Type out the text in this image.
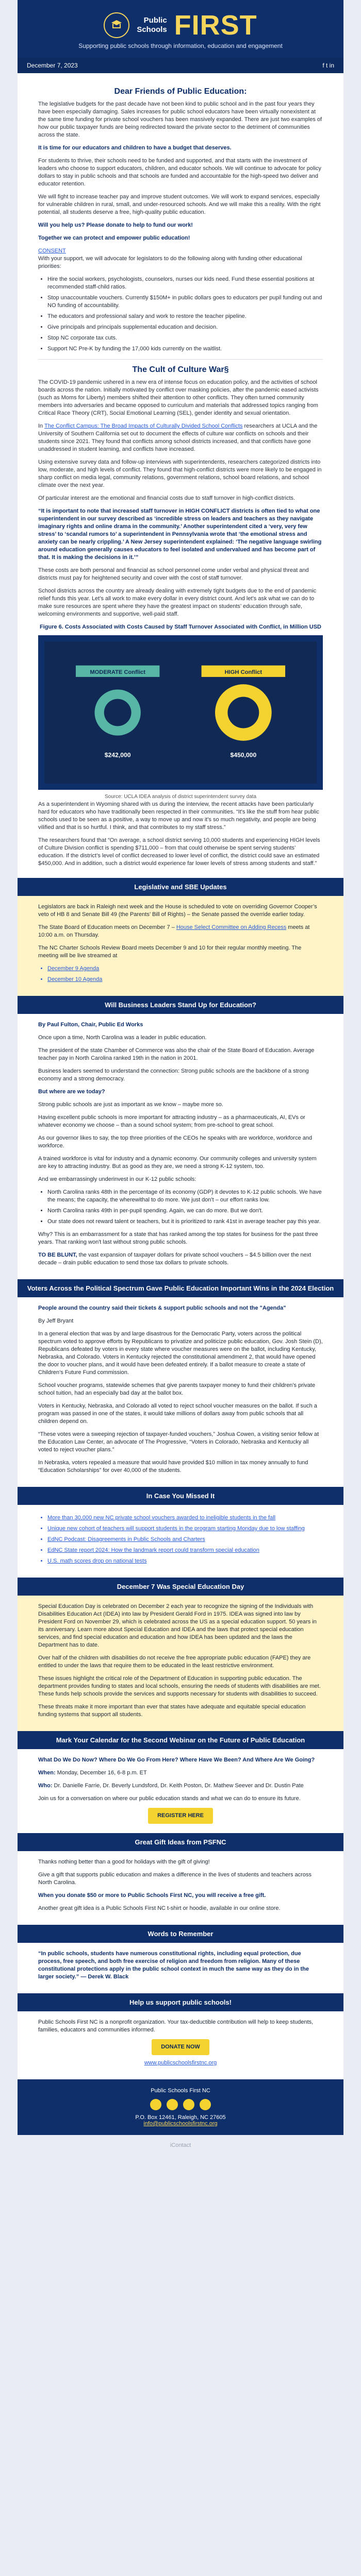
Public
Schools FIRST
Supporting public schools through information, education and engagement
December 7, 2023	f t in
Dear Friends of Public Education:

The legislative budgets for the past decade have not been kind to public school and in the past four years they have been especially damaging. Sales increases for public school educators have been virtually nonexistent at the same time funding for private school vouchers has been massively expanded. There are just two examples of how our public taxpayer funds are being redirected toward the private sector to the detriment of communities across the state.

It is time for our educators and children to have a budget that deserves.

For students to thrive, their schools need to be funded and supported, and that starts with the investment of leaders who choose to support educators, children, and educator schools. We will continue to advocate for policy dollars to stay in public schools and that schools are funded and accountable for the high-speed two deliver and educator retention.

We will fight to increase teacher pay and improve student outcomes. We will work to expand services, especially for vulnerable children in rural, small, and under-resourced schools. And we will make this a reality. With the right potential, all students deserve a free, high-quality public education.

Will you help us? Please donate to help to fund our work!

Together we can protect and empower public education!

CONSENT
With your support, we will advocate for legislators to do the following along with funding other educational priorities:

• Hire the social workers, psychologists, counselors, nurses our kids need. Fund these essential positions at recommended staff-child ratios.
• Stop unaccountable vouchers. Currently $150M+ in public dollars goes to educators per pupil funding out and NO funding of accountability.
• The educators and professional salary and work to restore the teacher pipeline.
• Give principals and principals supplemental education and decision.
• Stop NC corporate tax cuts.
• Support NC Pre-K by funding the 17,000 kids currently on the waitlist.
The Cult of Culture War§

The COVID-19 pandemic ushered in a new era of intense focus on education policy, and the activities of school boards across the nation. Initially motivated by conflict over masking policies, after the pandemic eased activists (such as Moms for Liberty) members shifted their attention to other conflicts. They often turned community members into adversaries and became opposed to curriculum and materials that addressed topics ranging from Critical Race Theory (CRT), Social Emotional Learning (SEL), gender identity and sexual orientation.

In The Conflict Campus: The Broad Impacts of Culturally Divided School Conflicts researchers at UCLA and the University of Southern California set out to document the effects of culture war conflicts on schools and their students since 2021. They found that conflicts among school districts increased, and that conflicts have gone unaddressed in student learning, and conflicts have increased.

Using extensive survey data and follow-up interviews with superintendents, researchers categorized districts into low, moderate, and high levels of conflict. They found that high-conflict districts were more likely to be engaged in sharp conflict on media legal, community relations, government relations, school board relations, and school climate over the next year.

Of particular interest are the emotional and financial costs due to staff turnover in high-conflict districts.

“It is important to note that increased staff turnover in HIGH CONFLICT districts is often tied to what one superintendent in our survey described as ‘incredible stress on leaders and teachers as they navigate imaginary rights and online drama in the community.’ Another superintendent cited a ‘very, very few stress’ to ‘scandal rumors to’ a superintendent in Pennsylvania wrote that ‘the emotional stress and anxiety can be nearly crippling.’ A New Jersey superintendent explained: ‘The negative language swirling around education generally causes educators to feel isolated and undervalued and has become part of that. It is making the decisions in it.’”

These costs are both personal and financial as school personnel come under verbal and physical threat and districts must pay for heightened security and cover with the cost of staff turnover.

School districts across the country are already dealing with extremely tight budgets due to the end of pandemic relief funds this year. Let’s all work to make every dollar in every district count. And let’s ask what we can do to make sure resources are spent where they have the greatest impact on students’ education through safe, welcoming environments and supportive, well-paid staff.

Figure 6. Costs Associated with Costs Caused by Staff Turnover Associated with Conflict, in Million USD
MODERATE Conflict
$242,000
HIGH Conflict
$450,000
Source: UCLA IDEA analysis of district superintendent survey data

As a superintendent in Wyoming shared with us during the interview, the recent attacks have been particularly hard for educators who have traditionally been respected in their communities. “It's like the stuff from hear public schools used to be seen as a positive, a way to move up and now it's so much negativity, and people are being vilified and that is so hurtful. I think, and that contributes to my staff stress.”

The researchers found that “On average, a school district serving 10,000 students and experiencing HIGH levels of Culture Division conflict is spending $711,000 – from that could otherwise be spent serving students’ education. If the district’s level of conflict decreased to lower level of conflict, the district could save an estimated $450,000. And in addition, such a district would experience far lower levels of stress among students and staff.”

Legislative and SBE Updates

Legislators are back in Raleigh next week and the House is scheduled to vote on overriding Governor Cooper’s veto of HB 8 and Senate Bill 49 (the Parents’ Bill of Rights) – the Senate passed the override earlier today.

The State Board of Education meets on December 7 – House Select Committee on Adding Recess meets at 10:00 a.m. on Thursday.

The NC Charter Schools Review Board meets December 9 and 10 for their regular monthly meeting. The meeting will be live streamed at

• December 9 Agenda
• December 10 Agenda
Will Business Leaders Stand Up for Education?

By Paul Fulton, Chair, Public Ed Works

Once upon a time, North Carolina was a leader in public education.

The president of the state Chamber of Commerce was also the chair of the State Board of Education. Average teacher pay in North Carolina ranked 19th in the nation in 2001.

Business leaders seemed to understand the connection: Strong public schools are the backbone of a strong economy and a strong democracy.

But where are we today?

Strong public schools are just as important as we know – maybe more so.

Having excellent public schools is more important for attracting industry – as a pharmaceuticals, AI, EVs or whatever economy we choose – than a sound school system; from pre-school to great school.

As our governor likes to say, the top three priorities of the CEOs he speaks with are workforce, workforce and workforce.

A trained workforce is vital for industry and a dynamic economy. Our community colleges and university system are key to attracting industry. But as good as they are, we need a strong K-12 system, too.

And we embarrassingly underinvest in our K-12 public schools:

• North Carolina ranks 48th in the percentage of its economy (GDP) it devotes to K-12 public schools. We have the means; the capacity, the wherewithal to do more. We just don't – our effort ranks low.
• North Carolina ranks 49th in per-pupil spending. Again, we can do more. But we don't.
• Our state does not reward talent or teachers, but it is prioritized to rank 41st in average teacher pay this year.

Why? This is an embarrassment for a state that has ranked among the top states for business for the past three years. That ranking won't last without strong public schools.

TO BE BLUNT, the vast expansion of taxpayer dollars for private school vouchers – $4.5 billion over the next decade – drain public education to send those tax dollars to private schools.

Voters Across the Political Spectrum Gave Public Education Important Wins in the 2024 Election

People around the country said their tickets & support public schools and not the "Agenda"

By Jeff Bryant

In a general election that was by and large disastrous for the Democratic Party, voters across the political spectrum voted to approve efforts by Republicans to privatize and politicize public education, Gov. Josh Stein (D), Republicans defeated by voters in every state where voucher measures were on the ballot, including Kentucky, Nebraska, and Colorado. Voters in Kentucky rejected the constitutional amendment 2, that would have opened the door to voucher plans, and it would have been defeated entirely. If a ballot measure to create a state of Children’s Future Fund commission.

School voucher programs, statewide schemes that give parents taxpayer money to fund their children's private school tuition, had an especially bad day at the ballot box.

Voters in Kentucky, Nebraska, and Colorado all voted to reject school voucher measures on the ballot. If such a program was passed in one of the states, it would take millions of dollars away from public schools that all children depend on.

“These votes were a sweeping rejection of taxpayer-funded vouchers,” Joshua Cowen, a visiting senior fellow at the Education Law Center, an advocate of The Progressive, “Voters in Colorado, Nebraska and Kentucky all voted to reject voucher plans.”

In Nebraska, voters repealed a measure that would have provided $10 million in tax money annually to fund “Education Scholarships” for over 40,000 of the students.

In Case You Missed It
• More than 30,000 new NC private school vouchers awarded to ineligible students in the fall
• Unique new cohort of teachers will support students in the program starting Monday due to low staffing
• EdNC Podcast: Disagreements in Public Schools and Charters
• EdNC State report 2024: How the landmark report could transform special education
• U.S. math scores drop on national tests
December 7 Was Special Education Day

Special Education Day is celebrated on December 2 each year to recognize the signing of the Individuals with Disabilities Education Act (IDEA) into law by President Gerald Ford in 1975. IDEA was signed into law by President Ford on November 29, which is celebrated across the US as a special education support. 50 years in its anniversary. Learn more about Special Education and IDEA and the laws that protect special education services, and find special education and education and how IDEA has been updated and the laws the Department has to date.

Over half of the children with disabilities do not receive the free appropriate public education (FAPE) they are entitled to under the laws that require them to be educated in the least restrictive environment.

These issues highlight the critical role of the Department of Education in supporting public education. The department provides funding to states and local schools, ensuring the needs of students with disabilities are met. These funds help schools provide the services and supports necessary for students with disabilities to succeed.

These threats make it more important than ever that states have adequate and equitable special education funding systems that support all students.

Mark Your Calendar for the Second Webinar on the Future of Public Education

What Do We Do Now? Where Do We Go From Here? Where Have We Been? And Where Are We Going?

When: Monday, December 16, 6-8 p.m. ET

Who: Dr. Danielle Farrie, Dr. Beverly Lundsford, Dr. Keith Poston, Dr. Mathew Seever and Dr. Dustin Pate

Join us for a conversation on where our public education stands and what we can do to ensure its future.

REGISTER HERE
Great Gift Ideas from PSFNC

Thanks nothing better than a good for holidays with the gift of giving!

Give a gift that supports public education and makes a difference in the lives of students and teachers across North Carolina.

When you donate $50 or more to Public Schools First NC, you will receive a free gift.

Another great gift idea is a Public Schools First NC t-shirt or hoodie, available in our online store.

Words to Remember

“In public schools, students have numerous constitutional rights, including equal protection, due process, free speech, and both free exercise of religion and freedom from religion. Many of these constitutional protections apply in the public school context in much the same way as they do in the larger society.” — Derek W. Black

Help us support public schools!

Public Schools First NC is a nonprofit organization. Your tax-deductible contribution will help to keep students, families, educators and communities informed.

DONATE NOW

www.publicschoolsfirstnc.org

Public Schools First NC
P.O. Box 12461, Raleigh, NC 27605
info@publicschoolsfirstnc.org
iContact
